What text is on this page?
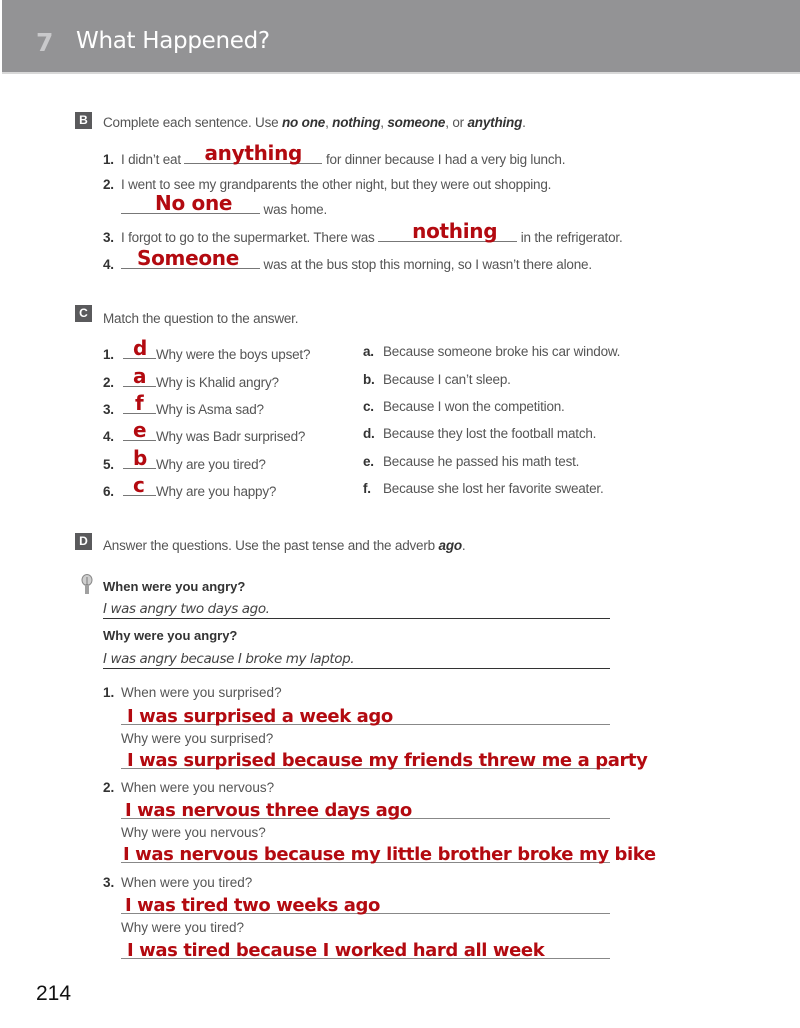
7 What Happened?
B	Complete each sentence. Use no one, nothing, someone, or anything.
1. I didn’t eat anything for dinner because I had a very big lunch.
2. I went to see my grandparents the other night, but they were out shopping.
No one was home.
3. I forgot to go to the supermarket. There was nothing in the refrigerator.
4. Someone was at the bus stop this morning, so I wasn’t there alone.
C	Match the question to the answer.
1. d Why were the boys upset?
2. a Why is Khalid angry?
3. f Why is Asma sad?
4. e Why was Badr surprised?
5. b Why are you tired?
6. c Why are you happy?
a. Because someone broke his car window.
b. Because I can’t sleep.
c. Because I won the competition.
d. Because they lost the football match.
e. Because he passed his math test.
f. Because she lost her favorite sweater.
D	Answer the questions. Use the past tense and the adverb ago.
When were you angry?
I was angry two days ago.
Why were you angry?
I was angry because I broke my laptop.
1. When were you surprised?
I was surprised a week ago
Why were you surprised?
I was surprised because my friends threw me a party
2. When were you nervous?
I was nervous three days ago
Why were you nervous?
I was nervous because my little brother broke my bike
3. When were you tired?
I was tired two weeks ago
Why were you tired?
I was tired because I worked hard all week
214
